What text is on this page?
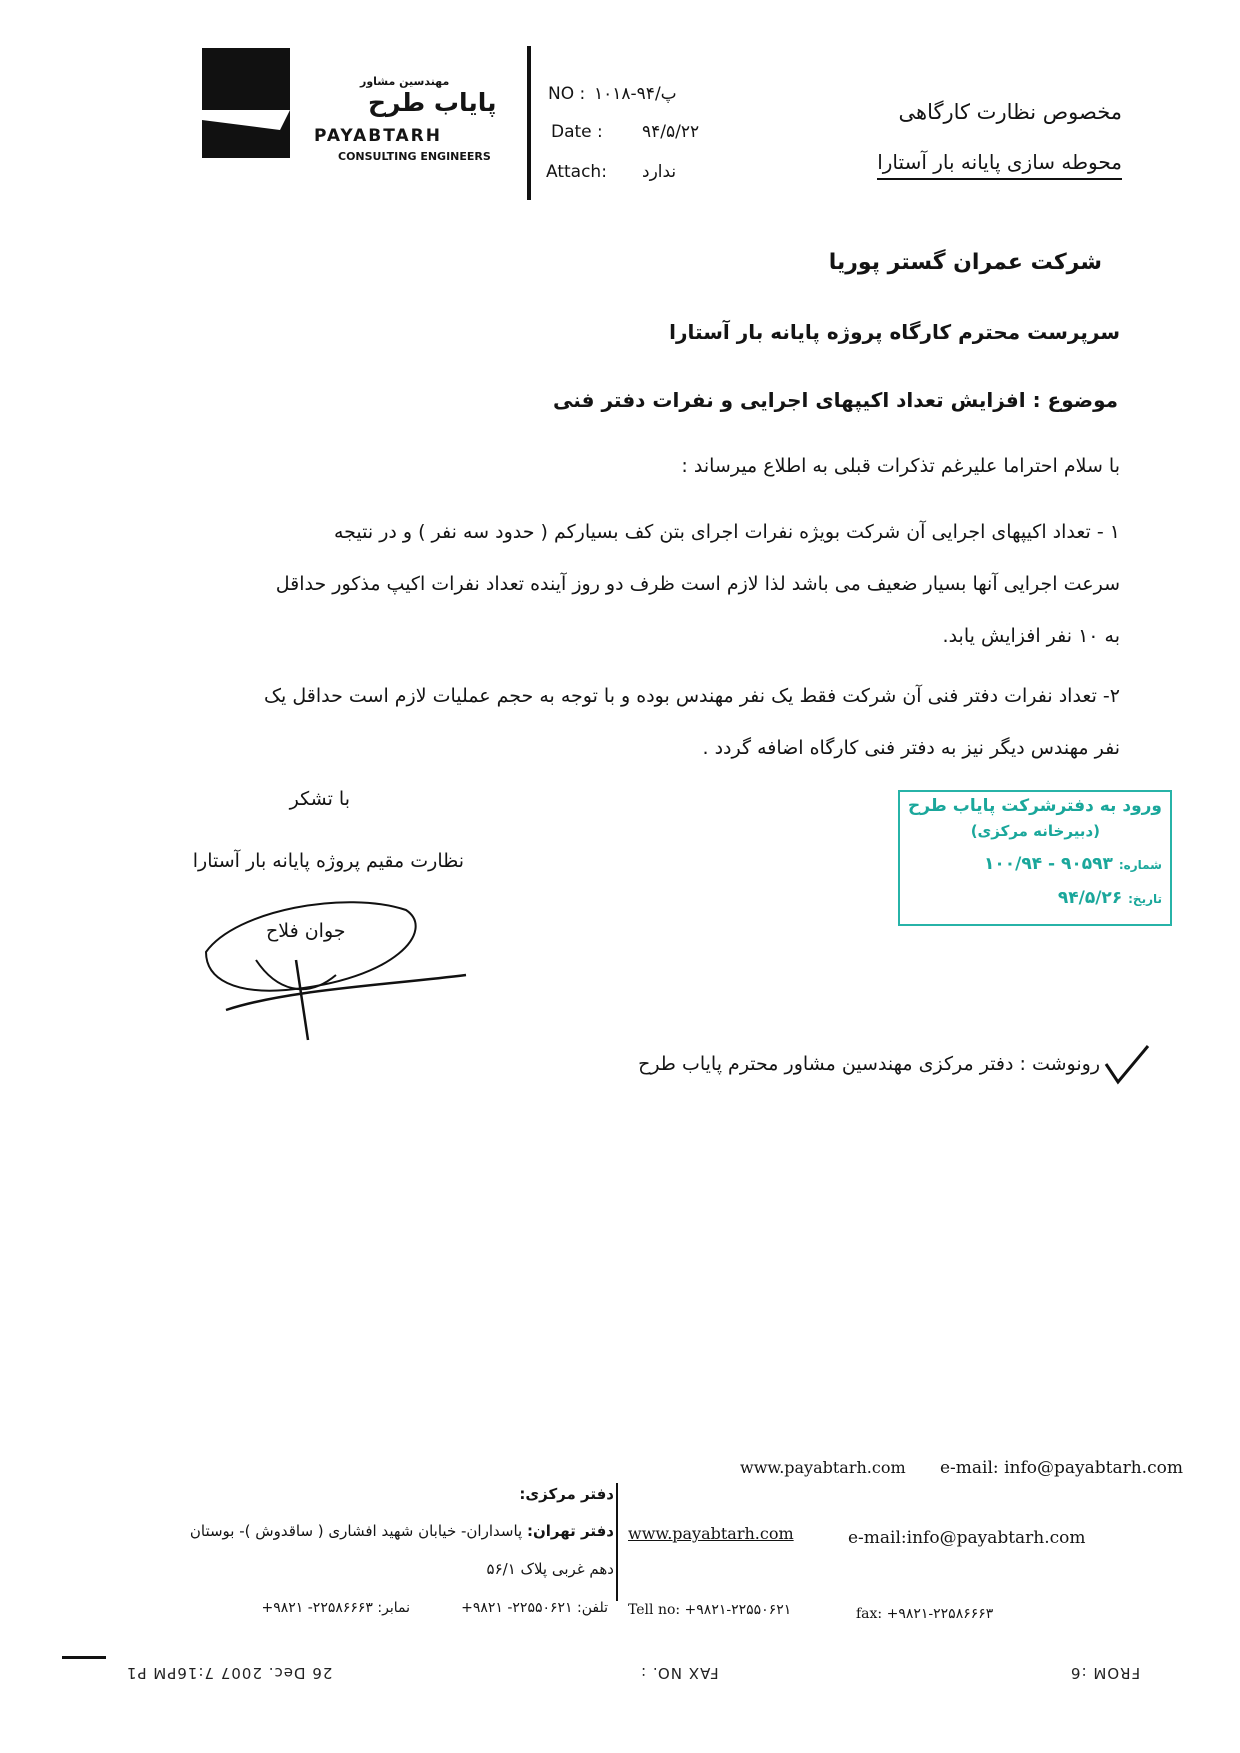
مهندسین مشاور
پایاب طرح
PAYABTARH
CONSULTING ENGINEERS
NO : پ/۹۴-۱۰۱۸
Date : ۹۴/۵/۲۲
Attach: ندارد
مخصوص نظارت کارگاهی
محوطه سازی پایانه بار آستارا
شرکت عمران گستر پوریا
سرپرست محترم کارگاه پروژه پایانه بار آستارا
موضوع : افزایش تعداد اکیپهای اجرایی و نفرات دفتر فنی
با سلام احتراما علیرغم تذکرات قبلی به اطلاع میرساند :
۱ - تعداد اکیپهای اجرایی آن شرکت بویژه نفرات اجرای بتن کف بسیارکم ( حدود سه نفر ) و در نتیجه
سرعت اجرایی آنها بسیار ضعیف می باشد لذا لازم است ظرف دو روز آینده تعداد نفرات اکیپ مذکور حداقل
به ۱۰ نفر افزایش یابد.
۲- تعداد نفرات دفتر فنی آن شرکت فقط یک نفر مهندس بوده و با توجه به حجم عملیات لازم است حداقل یک
نفر مهندس دیگر نیز به دفتر فنی کارگاه اضافه گردد .
با تشکر
نظارت مقیم پروژه پایانه بار آستارا
جوان فلاح
ورود به دفترشرکت پایاب طرح
(دبیرخانه مرکزی)
شماره: ۹۰۵۹۳ - ۱۰۰/۹۴
تاریخ: ۹۴/۵/۲۶
رونوشت : دفتر مرکزی مهندسین مشاور محترم پایاب طرح
www.payabtarh.com e-mail: info@payabtarh.com
دفتر مرکزی:
دفتر تهران: پاسداران- خیابان شهید افشاری ( ساقدوش )- بوستان
دهم غربی پلاک ۵۶/۱
تلفن: ۲۲۵۵۰۶۲۱- ۹۸۲۱+
نمابر: ۲۲۵۸۶۶۶۳- ۹۸۲۱+
www.payabtarh.com	e-mail:info@payabtarh.com
Tell no: +۹۸۲۱-۲۲۵۵۰۶۲۱	fax: +۹۸۲۱-۲۲۵۸۶۶۶۳
26 Dec. 2007 7:16PM P1	FAX NO. :	FROM :6
